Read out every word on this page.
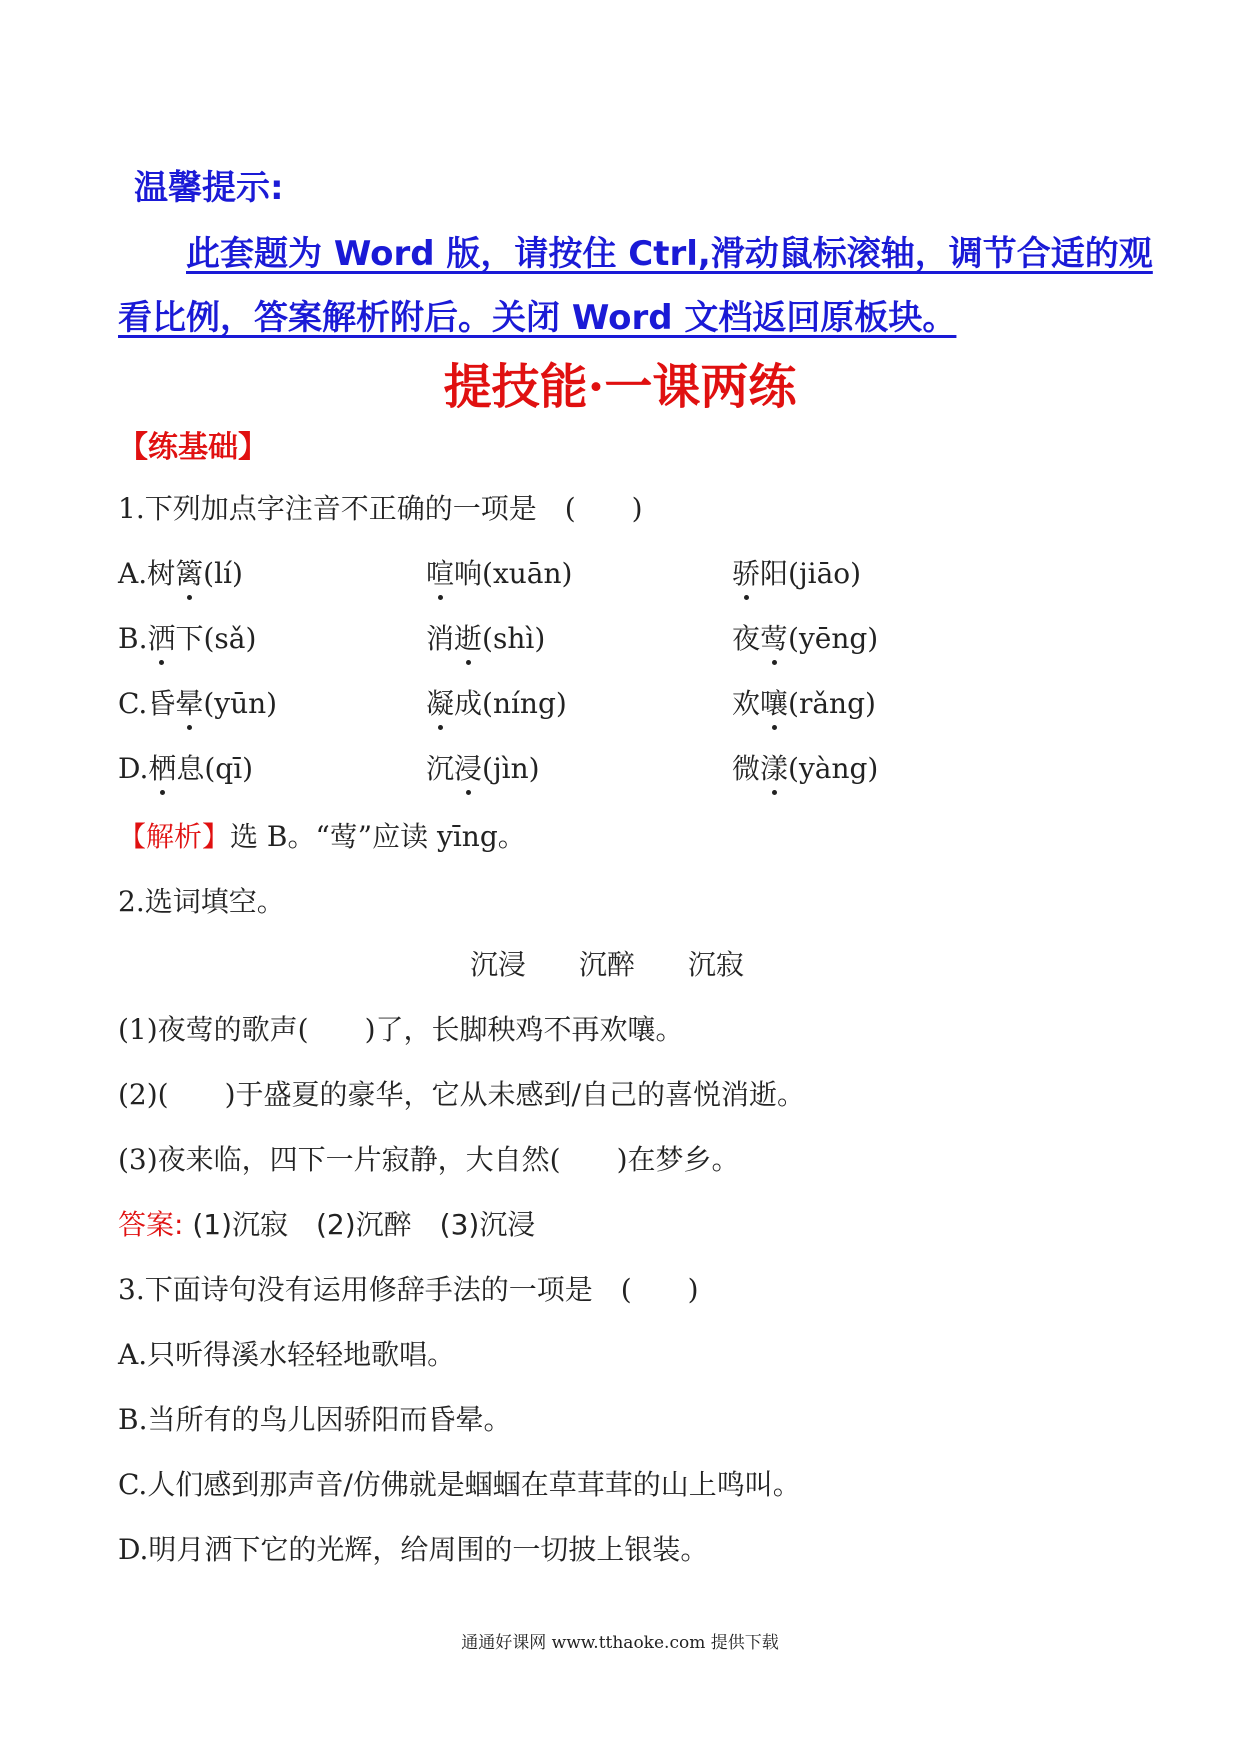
温馨提示:
此套题为 Word 版，请按住 Ctrl,滑动鼠标滚轴，调节合适的观
看比例，答案解析附后。关闭 Word 文档返回原板块。
提技能·一课两练
【练基础】
1.下列加点字注音不正确的一项是　(　　)
A.树篱(lí)	喧响(xuān)	骄阳(jiāo)
B.洒下(sǎ)	消逝(shì)	夜莺(yēng)
C.昏晕(yūn)	凝成(níng)	欢嚷(rǎng)
D.栖息(qī)	沉浸(jìn)	微漾(yàng)
【解析】选 B。“莺”应读 yīng。
2.选词填空。
沉浸 沉醉 沉寂
(1)夜莺的歌声(　　)了，长脚秧鸡不再欢嚷。
(2)(　　)于盛夏的豪华，它从未感到/自己的喜悦消逝。
(3)夜来临，四下一片寂静，大自然(　　)在梦乡。
答案: (1)沉寂　(2)沉醉　(3)沉浸
3.下面诗句没有运用修辞手法的一项是　(　　)
A.只听得溪水轻轻地歌唱。
B.当所有的鸟儿因骄阳而昏晕。
C.人们感到那声音/仿佛就是蝈蝈在草茸茸的山上鸣叫。
D.明月洒下它的光辉，给周围的一切披上银装。
通通好课网 www.tthaoke.com 提供下载
